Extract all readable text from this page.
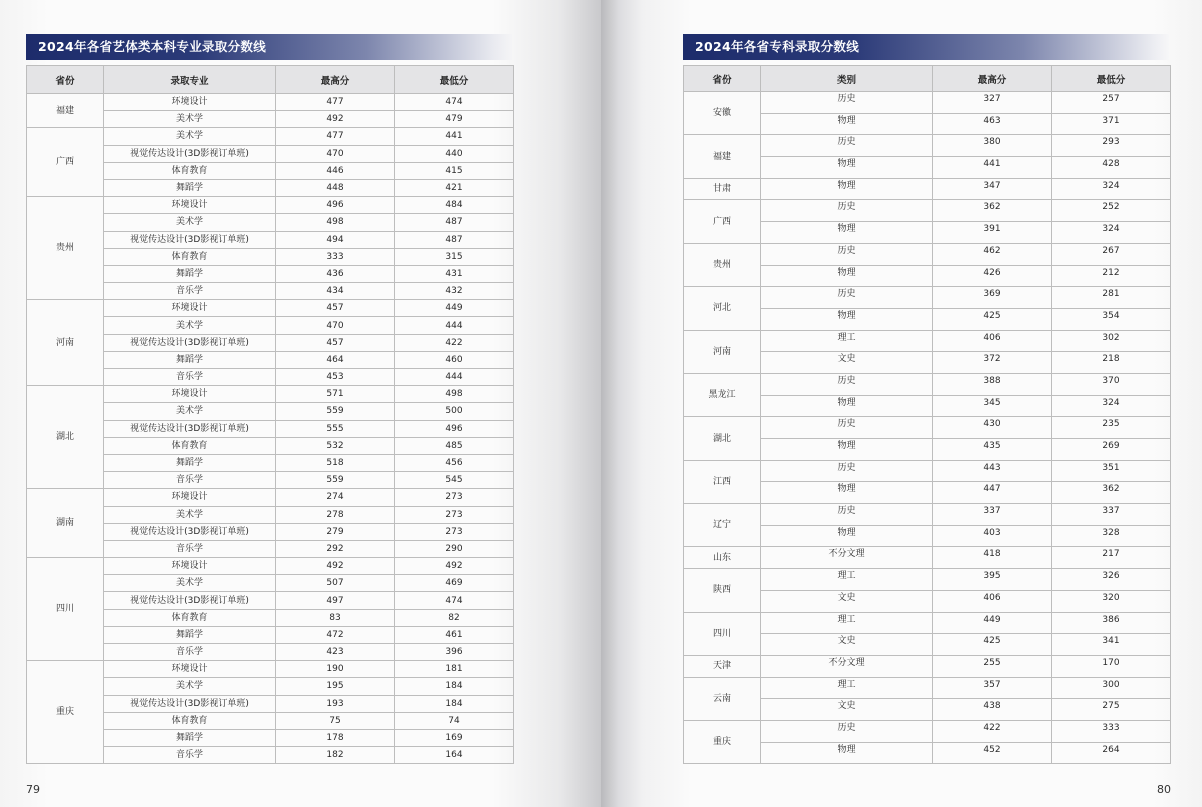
2024年各省艺体类本科专业录取分数线	2024年各省专科录取分数线
省份	录取专业	最高分	最低分
福建	环境设计	477	474
	美术学	492	479
广西	美术学	477	441
	视觉传达设计(3D影视订单班)	470	440
	体育教育	446	415
	舞蹈学	448	421
贵州	环境设计	496	484
	美术学	498	487
	视觉传达设计(3D影视订单班)	494	487
	体育教育	333	315
	舞蹈学	436	431
	音乐学	434	432
河南	环境设计	457	449
	美术学	470	444
	视觉传达设计(3D影视订单班)	457	422
	舞蹈学	464	460
	音乐学	453	444
湖北	环境设计	571	498
	美术学	559	500
	视觉传达设计(3D影视订单班)	555	496
	体育教育	532	485
	舞蹈学	518	456
	音乐学	559	545
湖南	环境设计	274	273
	美术学	278	273
	视觉传达设计(3D影视订单班)	279	273
	音乐学	292	290
四川	环境设计	492	492
	美术学	507	469
	视觉传达设计(3D影视订单班)	497	474
	体育教育	83	82
	舞蹈学	472	461
	音乐学	423	396
重庆	环境设计	190	181
	美术学	195	184
	视觉传达设计(3D影视订单班)	193	184
	体育教育	75	74
	舞蹈学	178	169
	音乐学	182	164
省份	类别	最高分	最低分
安徽	历史	327	257
	物理	463	371
福建	历史	380	293
	物理	441	428
甘肃	物理	347	324
广西	历史	362	252
	物理	391	324
贵州	历史	462	267
	物理	426	212
河北	历史	369	281
	物理	425	354
河南	理工	406	302
	文史	372	218
黑龙江	历史	388	370
	物理	345	324
湖北	历史	430	235
	物理	435	269
江西	历史	443	351
	物理	447	362
辽宁	历史	337	337
	物理	403	328
山东	不分文理	418	217
陕西	理工	395	326
	文史	406	320
四川	理工	449	386
	文史	425	341
天津	不分文理	255	170
云南	理工	357	300
	文史	438	275
重庆	历史	422	333
	物理	452	264
79	80
